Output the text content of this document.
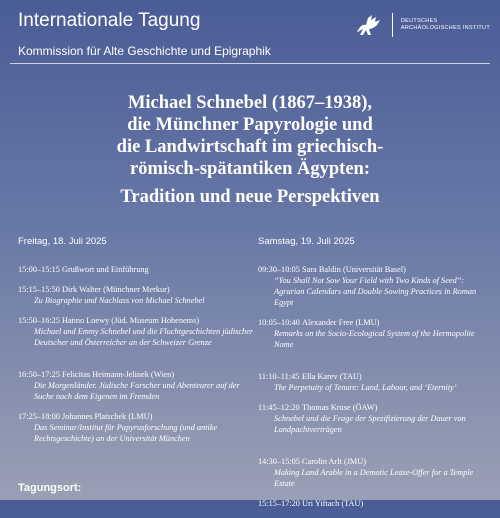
Internationale Tagung
Kommission für Alte Geschichte und Epigraphik
DEUTSCHES
ARCHÄOLOGISCHES INSTITUT
Michael Schnebel (1867–1938),
die Münchner Papyrologie und
die Landwirtschaft im griechisch-
römisch-spätantiken Ägypten:
Tradition und neue Perspektiven
Freitag, 18. Juli 2025
15:00–15:15 Grußwort und Einführung
15:15–15:50 Dirk Walter (Münchner Merkur)
Zu Biographie und Nachlass von Michael Schnebel
15:50–16:25 Hanno Loewy (Jüd. Museum Hohenems)
Michael und Emmy Schnebel und die Fluchtgeschichten jüdischer Deutscher und Österreicher an der Schweizer Grenze
16:50–17:25 Felicitas Heimann-Jelinek (Wien)
Die Morgenländer. Jüdische Forscher und Abenteurer auf der Suche nach dem Eigenen im Fremden
17:25–18:00 Johannes Platschek (LMU)
Das Seminar/Institut für Papyrusforschung (und antike Rechtsgeschichte) an der Universität München
Samstag, 19. Juli 2025
09:30–10:05 Sara Baldin (Universität Basel)
“You Shall Not Sow Your Field with Two Kinds of Seed”: Agrarian Calendars and Double Sowing Practices in Roman Egypt
10:05–10:40 Alexander Free (LMU)
Remarks on the Socio-Ecological System of the Hermopolite Nome
11:10–11:45 Ella Karev (TAU)
The Perpetuity of Tenure: Land, Labour, and ‘Eternity’
11:45–12:20 Thomas Kruse (ÖAW)
Schnebel und die Frage der Spezifizierung der Dauer von Landpachtverträgen
14:30–15:05 Carolin Arlt (JMU)
Making Land Arable in a Demotic Lease-Offer for a Temple Estate
15:15–17:20 Uri Yiftach (TAU)
Tagungsort:
